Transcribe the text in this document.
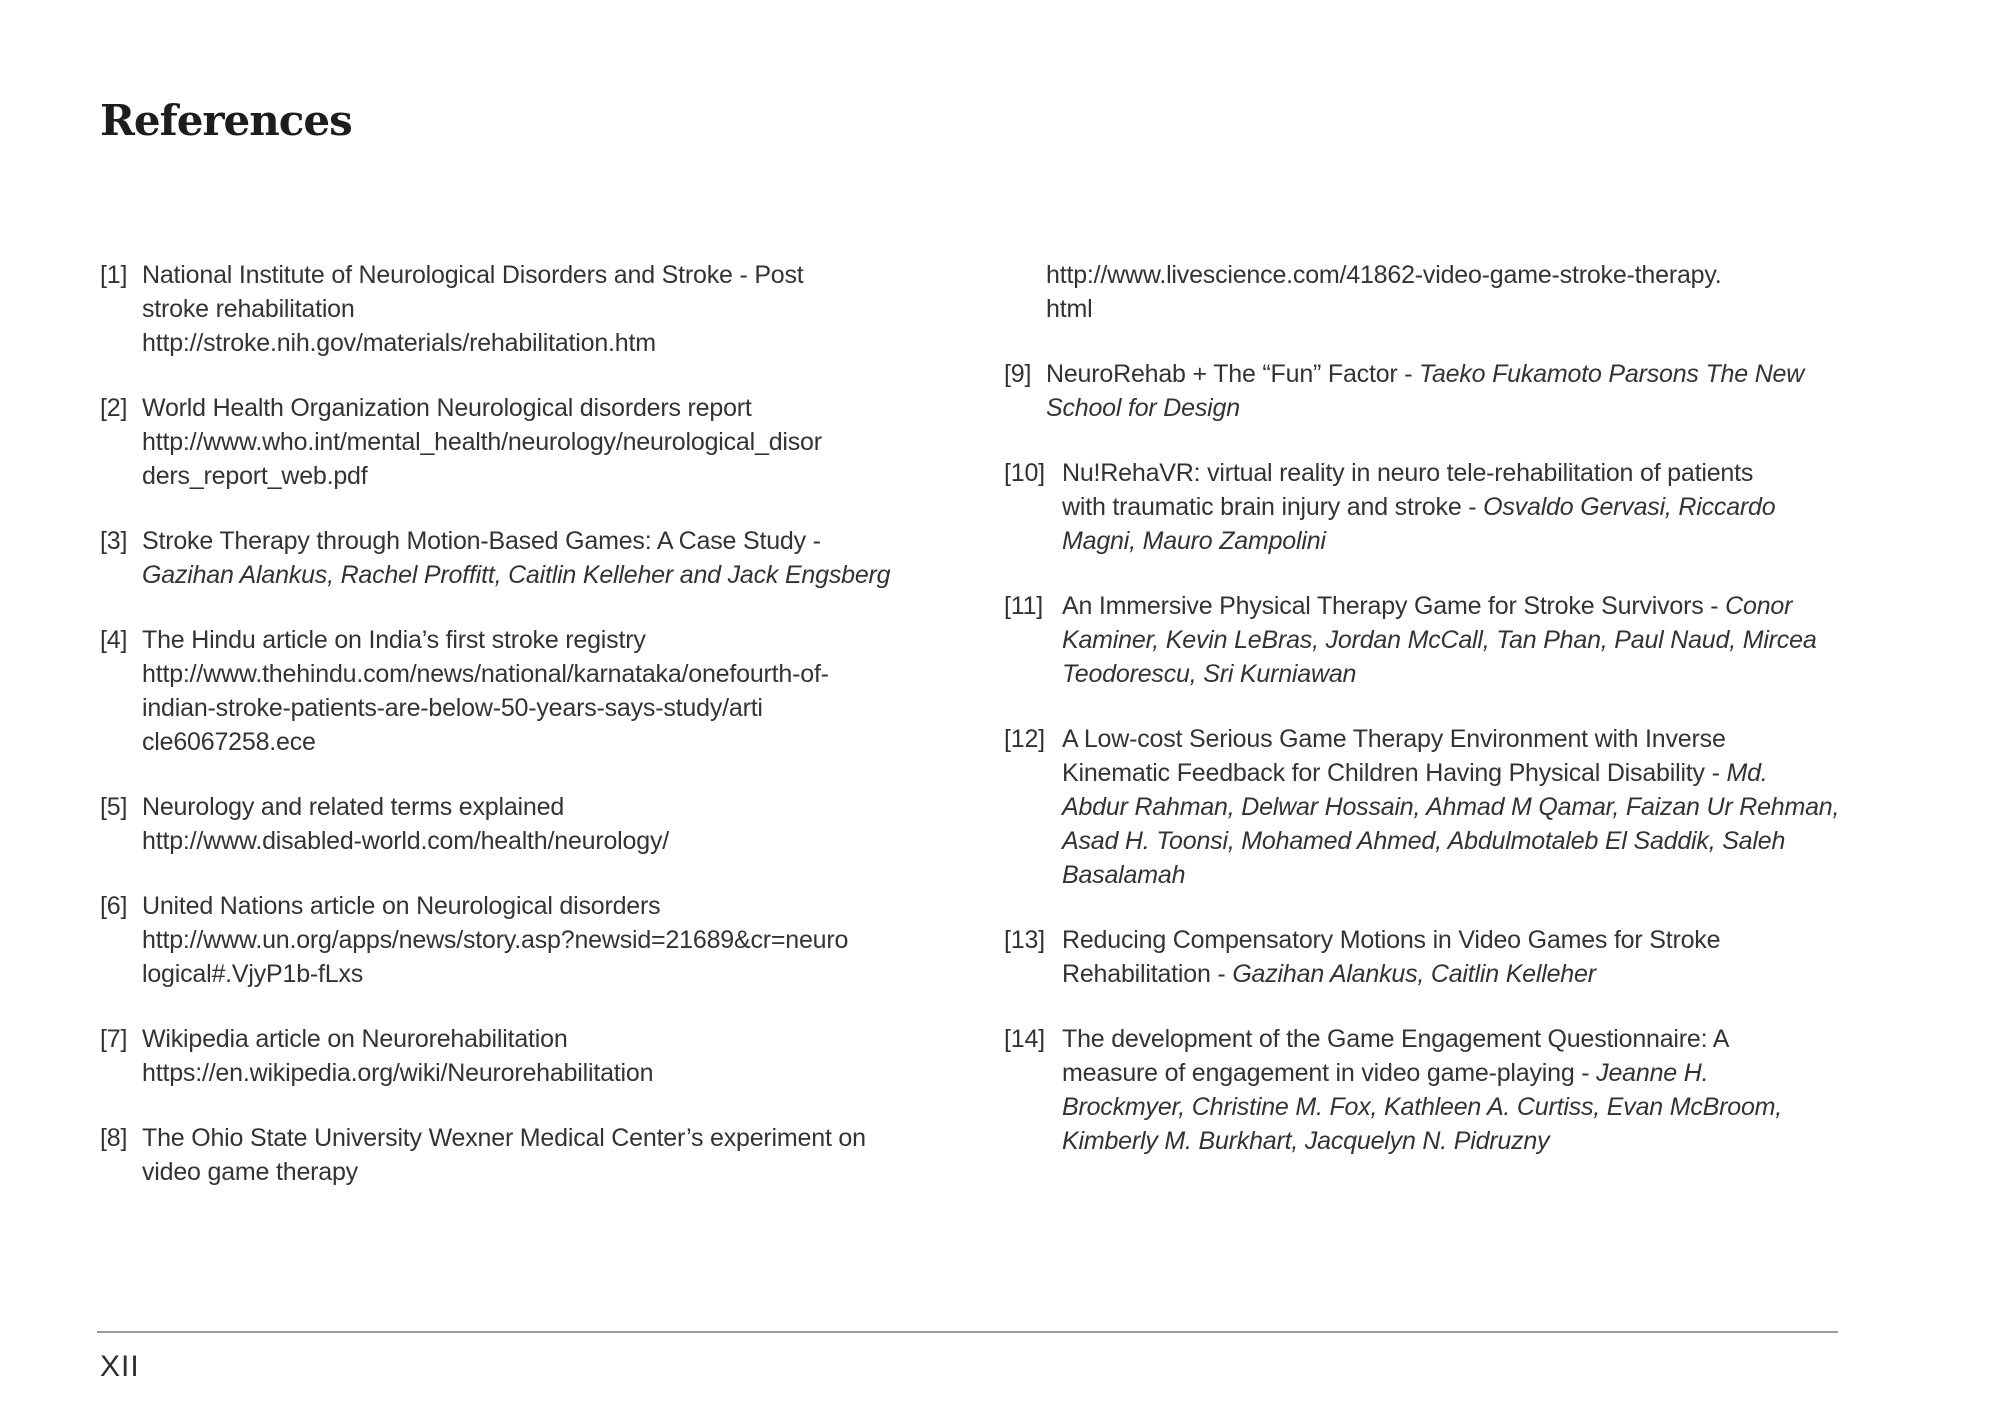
References
[1] National Institute of Neurological Disorders and Stroke - Post
stroke rehabilitation
http://stroke.nih.gov/materials/rehabilitation.htm
[2] World Health Organization Neurological disorders report
http://www.who.int/mental_health/neurology/neurological_disor
ders_report_web.pdf
[3] Stroke Therapy through Motion-Based Games: A Case Study -
Gazihan Alankus, Rachel Proffitt, Caitlin Kelleher and Jack Engsberg
[4] The Hindu article on India’s first stroke registry
http://www.thehindu.com/news/national/karnataka/onefourth-of-
indian-stroke-patients-are-below-50-years-says-study/arti
cle6067258.ece
[5] Neurology and related terms explained
http://www.disabled-world.com/health/neurology/
[6] United Nations article on Neurological disorders
http://www.un.org/apps/news/story.asp?newsid=21689&cr=neuro
logical#.VjyP1b-fLxs
[7] Wikipedia article on Neurorehabilitation
https://en.wikipedia.org/wiki/Neurorehabilitation
[8] The Ohio State University Wexner Medical Center’s experiment on
video game therapy
http://www.livescience.com/41862-video-game-stroke-therapy.
html
[9] NeuroRehab + The “Fun” Factor - Taeko Fukamoto Parsons The New
School for Design
[10] Nu!RehaVR: virtual reality in neuro tele-rehabilitation of patients
with traumatic brain injury and stroke - Osvaldo Gervasi, Riccardo
Magni, Mauro Zampolini
[11] An Immersive Physical Therapy Game for Stroke Survivors - Conor
Kaminer, Kevin LeBras, Jordan McCall, Tan Phan, Paul Naud, Mircea
Teodorescu, Sri Kurniawan
[12] A Low-cost Serious Game Therapy Environment with Inverse
Kinematic Feedback for Children Having Physical Disability - Md.
Abdur Rahman, Delwar Hossain, Ahmad M Qamar, Faizan Ur Rehman,
Asad H. Toonsi, Mohamed Ahmed, Abdulmotaleb El Saddik, Saleh
Basalamah
[13] Reducing Compensatory Motions in Video Games for Stroke
Rehabilitation - Gazihan Alankus, Caitlin Kelleher
[14] The development of the Game Engagement Questionnaire: A
measure of engagement in video game-playing - Jeanne H.
Brockmyer, Christine M. Fox, Kathleen A. Curtiss, Evan McBroom,
Kimberly M. Burkhart, Jacquelyn N. Pidruzny
XII
